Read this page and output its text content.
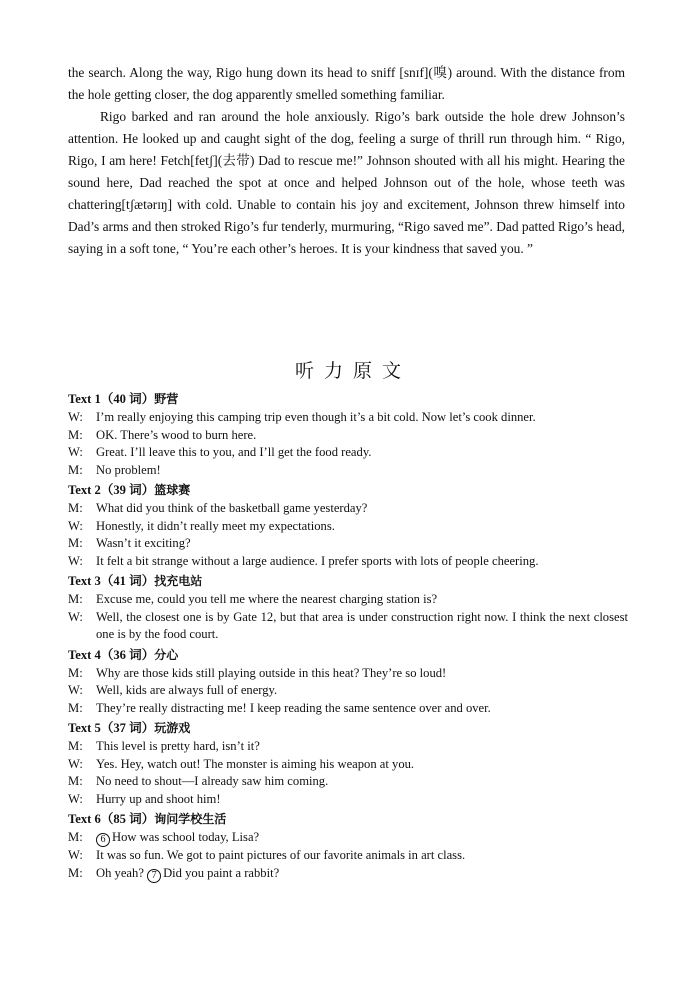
the search. Along the way, Rigo hung down its head to sniff [snɪf](嗅) around. With the distance from the hole getting closer, the dog apparently smelled something familiar.

Rigo barked and ran around the hole anxiously. Rigo’s bark outside the hole drew Johnson’s attention. He looked up and caught sight of the dog, feeling a surge of thrill run through him. “ Rigo, Rigo, I am here! Fetch[fetʃ](去带) Dad to rescue me!” Johnson shouted with all his might. Hearing the sound here, Dad reached the spot at once and helped Johnson out of the hole, whose teeth was chattering[tʃætərɪŋ] with cold. Unable to contain his joy and excitement, Johnson threw himself into Dad’s arms and then stroked Rigo’s fur tenderly, murmuring, “Rigo saved me”. Dad patted Rigo’s head, saying in a soft tone, “ You’re each other’s heroes. It is your kindness that saved you. ”

听力原文
Text 1（40 词）野营
W:	I’m really enjoying this camping trip even though it’s a bit cold. Now let’s cook dinner.
M:	OK. There’s wood to burn here.
W:	Great. I’ll leave this to you, and I’ll get the food ready.
M:	No problem!
Text 2（39 词）篮球赛
M:	What did you think of the basketball game yesterday?
W:	Honestly, it didn’t really meet my expectations.
M:	Wasn’t it exciting?
W:	It felt a bit strange without a large audience. I prefer sports with lots of people cheering.
Text 3（41 词）找充电站
M:	Excuse me, could you tell me where the nearest charging station is?
W:	Well, the closest one is by Gate 12, but that area is under construction right now. I think the next closest one is by the food court.
Text 4（36 词）分心
M:	Why are those kids still playing outside in this heat? They’re so loud!
W:	Well, kids are always full of energy.
M:	They’re really distracting me! I keep reading the same sentence over and over.
Text 5（37 词）玩游戏
M:	This level is pretty hard, isn’t it?
W:	Yes. Hey, watch out! The monster is aiming his weapon at you.
M:	No need to shout—I already saw him coming.
W:	Hurry up and shoot him!
Text 6（85 词）询问学校生活
M:	6 How was school today, Lisa?
W:	It was so fun. We got to paint pictures of our favorite animals in art class.
M:	Oh yeah? 7 Did you paint a rabbit?
